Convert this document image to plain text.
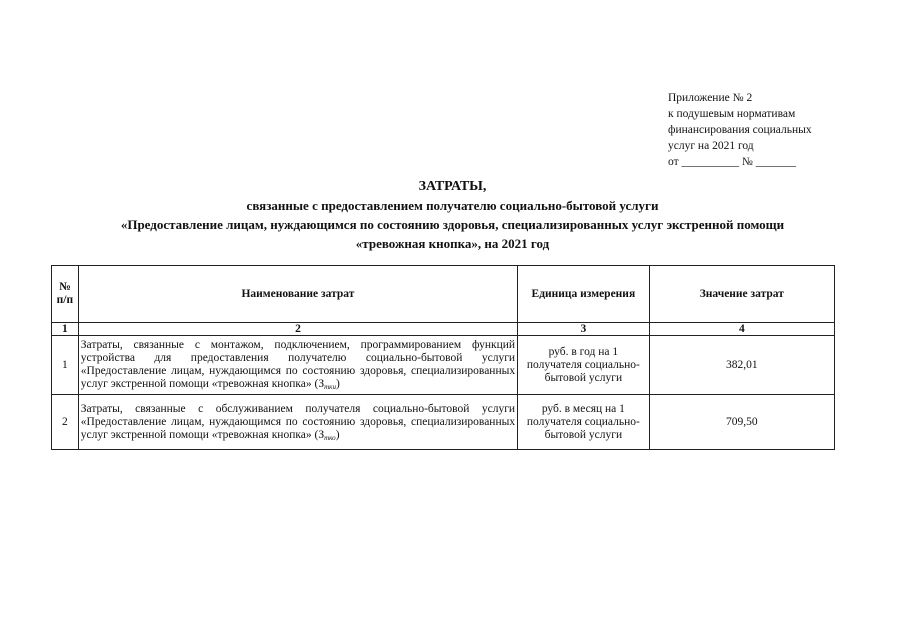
Приложение № 2
к подушевым нормативам
финансирования социальных
услуг на 2021 год
от __________ № _______
ЗАТРАТЫ,
связанные с предоставлением получателю социально-бытовой услуги
«Предоставление лицам, нуждающимся по состоянию здоровья, специализированных услуг экстренной помощи
«тревожная кнопка», на 2021 год
№ п/п	Наименование затрат	Единица измерения	Значение затрат
1	2	3	4
1	Затраты, связанные с монтажом, подключением, программированием функций устройства для предоставления получателю социально-бытовой услуги «Предоставление лицам, нуждающимся по состоянию здоровья, специализированных услуг экстренной помощи «тревожная кнопка» $(З_{тки})$	руб. в год на 1 получателя социально-бытовой услуги	382,01
2	Затраты, связанные с обслуживанием получателя социально-бытовой услуги «Предоставление лицам, нуждающимся по состоянию здоровья, специализированных услуг экстренной помощи «тревожная кнопка» $(З_{тко})$	руб. в месяц на 1 получателя социально-бытовой услуги	709,50
